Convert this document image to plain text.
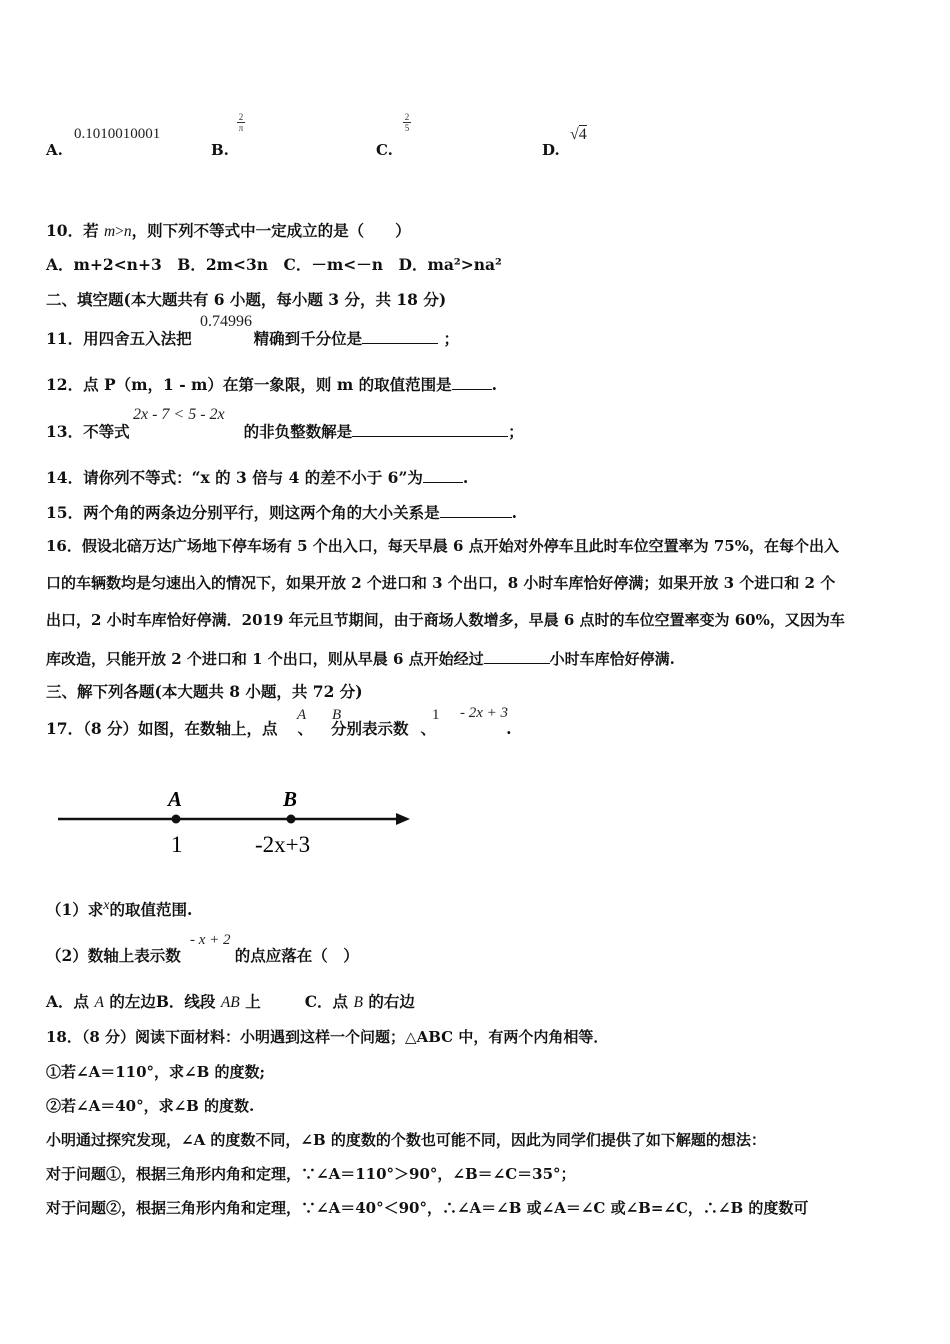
A.
0.1010010001
B.
2
π
C.
2
5
D.
√4
10．若 m>n，则下列不等式中一定成立的是（　　）
A．m+2<n+3　B．2m<3n　C．－m<－n　D．ma²>na²
二、填空题(本大题共有 6 小题，每小题 3 分，共 18 分)
11．用四舍五入法把	精确到千分位是	；
0.74996
12．点 P（m，1 - m）在第一象限，则 m 的取值范围是	.
13．不等式	的非负整数解是	；
2x - 7 < 5 - 2x
14．请你列不等式：“x 的 3 倍与 4 的差不小于 6”为	.
15．两个角的两条边分别平行，则这两个角的大小关系是	.
16．假设北碚万达广场地下停车场有 5 个出入口，每天早晨 6 点开始对外停车且此时车位空置率为 75%，在每个出入
口的车辆数均是匀速出入的情况下，如果开放 2 个进口和 3 个出口，8 小时车库恰好停满；如果开放 3 个进口和 2 个
出口，2 小时车库恰好停满．2019 年元旦节期间，由于商场人数增多，早晨 6 点时的车位空置率变为 60%，又因为车
库改造，只能开放 2 个进口和 1 个出口，则从早晨 6 点开始经过	小时车库恰好停满.
三、解下列各题(本大题共 8 小题，共 72 分)
17．（8 分）如图，在数轴上，点 、 分别表示数 、	.
A B	1 - 2x + 3
A	B
1	-2x+3
（1）求x的取值范围.
（2）数轴上表示数	的点应落在（　）
- x + 2
A．点 A 的左边B．线段 AB 上	C．点 B 的右边
18．（8 分）阅读下面材料：小明遇到这样一个问题；△ABC 中，有两个内角相等．
①若∠A＝110°，求∠B 的度数;
②若∠A＝40°，求∠B 的度数.
小明通过探究发现，∠A 的度数不同，∠B 的度数的个数也可能不同，因此为同学们提供了如下解题的想法：
对于问题①，根据三角形内角和定理，∵∠A＝110°＞90°，∠B＝∠C＝35°；
对于问题②，根据三角形内角和定理，∵∠A＝40°＜90°，∴∠A＝∠B 或∠A＝∠C 或∠B=∠C，∴∠B 的度数可
